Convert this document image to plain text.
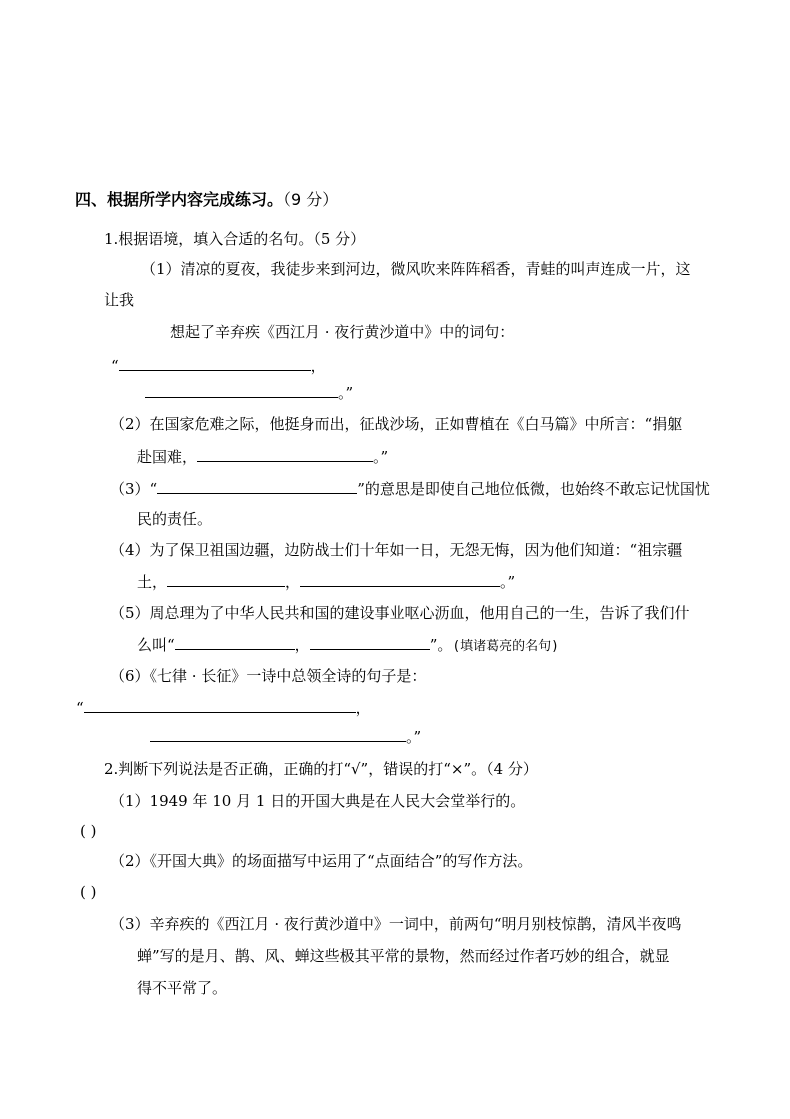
四、根据所学内容完成练习。（9 分）
1.根据语境，填入合适的名句。（5 分）
（1）清凉的夏夜，我徒步来到河边，微风吹来阵阵稻香，青蛙的叫声连成一片，这
让我
想起了辛弃疾《西江月 · 夜行黄沙道中》中的词句：
“	，
。”
（2）在国家危难之际，他挺身而出，征战沙场，正如曹植在《白马篇》中所言：“捐躯
赴国难，	。”
（3）“	”的意思是即使自己地位低微，也始终不敢忘记忧国忧
民的责任。
（4）为了保卫祖国边疆，边防战士们十年如一日，无怨无悔，因为他们知道：“祖宗疆
土，	，	。”
（5）周总理为了中华人民共和国的建设事业呕心沥血，他用自己的一生，告诉了我们什
么叫“	，	”。(填诸葛亮的名句)
（6）《七律 · 长征》一诗中总领全诗的句子是：
“	，
。”
2.判断下列说法是否正确，正确的打“√”，错误的打“×”。（4 分）
（1）1949 年 10 月 1 日的开国大典是在人民大会堂举行的。
( )
（2）《开国大典》的场面描写中运用了“点面结合”的写作方法。
( )
（3）辛弃疾的《西江月 · 夜行黄沙道中》一词中，前两句“明月别枝惊鹊，清风半夜鸣
蝉”写的是月、鹊、风、蝉这些极其平常的景物，然而经过作者巧妙的组合，就显
得不平常了。
